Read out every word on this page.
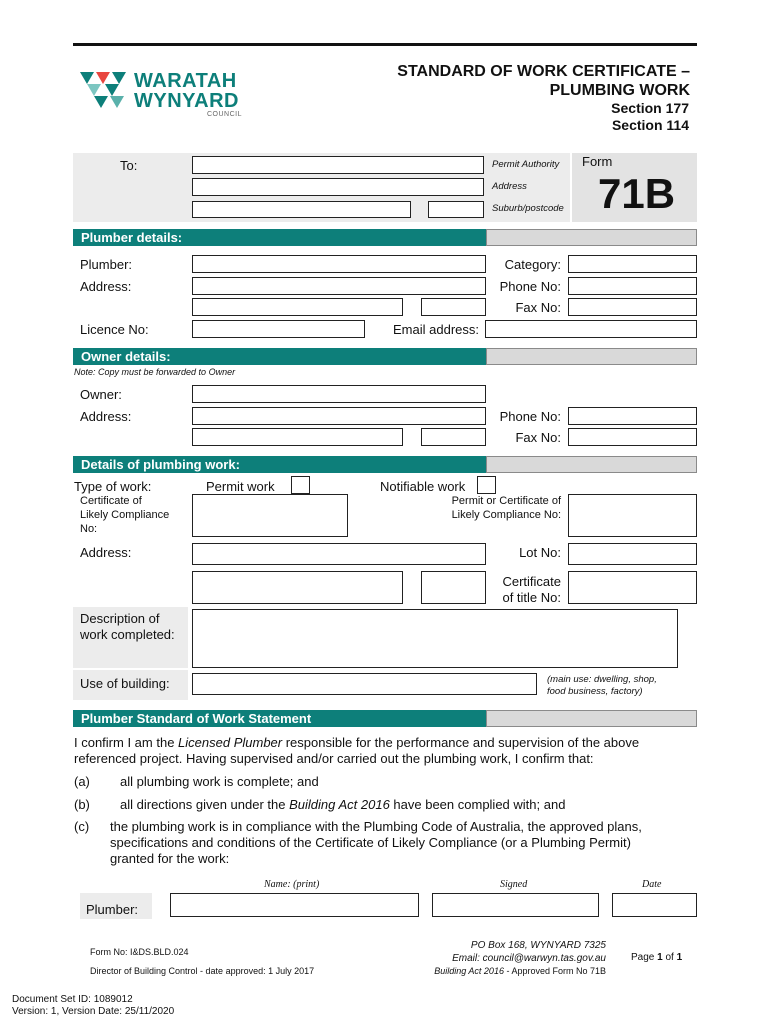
WARATAH
WYNYARD
COUNCIL
STANDARD OF WORK CERTIFICATE –
PLUMBING WORK
Section 177
Section 114
To:	Permit Authority
Address
Suburb/postcode
Form
71B
Plumber details:
Plumber:	Category:
Address:	Phone No:
Fax No:
Licence No:	Email address:
Owner details:
Note: Copy must be forwarded to Owner
Owner:
Address:	Phone No:
Fax No:
Details of plumbing work:
Type of work:	Permit work	Notifiable work
Certificate of
Likely Compliance
No:
Permit or Certificate of
Likely Compliance No:
Address:	Lot No:
Certificate
of title No:
Description of
work completed:
Use of building:	(main use: dwelling, shop,
food business, factory)
Plumber Standard of Work Statement
I confirm I am the Licensed Plumber responsible for the performance and supervision of the above
referenced project. Having supervised and/or carried out the plumbing work, I confirm that:
(a) all plumbing work is complete; and
(b) all directions given under the Building Act 2016 have been complied with; and
(c) the plumbing work is in compliance with the Plumbing Code of Australia, the approved plans,
specifications and conditions of the Certificate of Likely Compliance (or a Plumbing Permit)
granted for the work:
Name: (print)	Signed	Date
Plumber:
Form No: I&DS.BLD.024
Director of Building Control - date approved: 1 July 2017
PO Box 168, WYNYARD 7325
Email: council@warwyn.tas.gov.au
Building Act 2016 - Approved Form No 71B
Page 1 of 1
Document Set ID: 1089012
Version: 1, Version Date: 25/11/2020
